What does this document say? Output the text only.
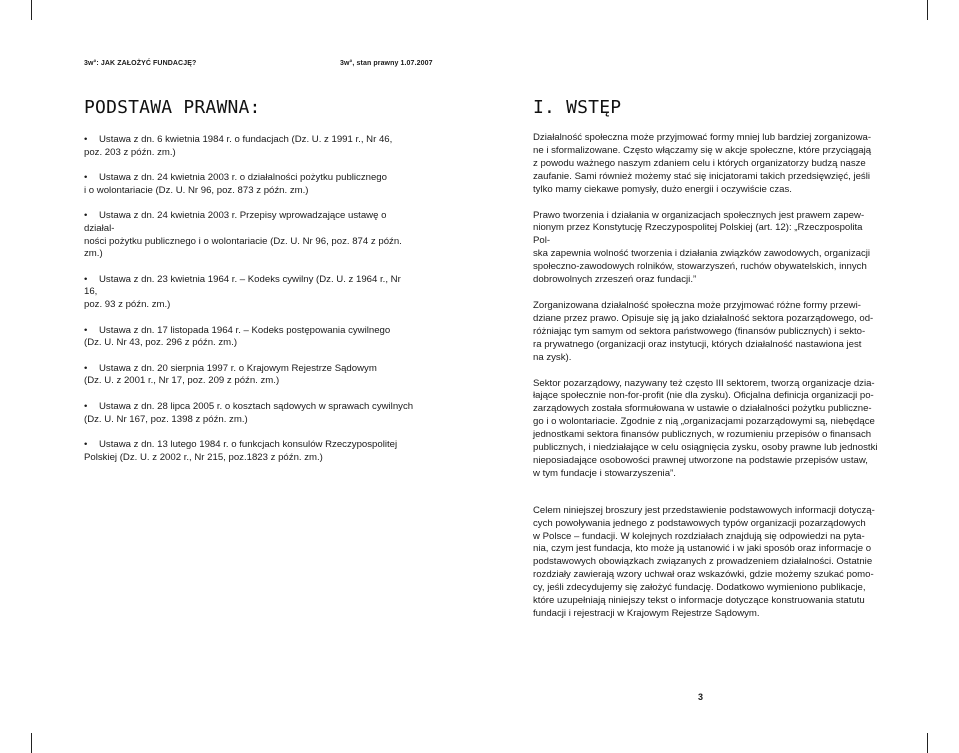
3w°: JAK ZAŁOŻYĆ FUNDACJĘ?	3w°, stan prawny 1.07.2007
PODSTAWA PRAWNA:
•	Ustawa z dn. 6 kwietnia 1984 r. o fundacjach (Dz. U. z 1991 r., Nr 46,
poz. 203 z późn. zm.)
•	Ustawa z dn. 24 kwietnia 2003 r. o działalności pożytku publicznego
i o wolontariacie (Dz. U. Nr 96, poz. 873 z późn. zm.)
•	Ustawa z dn. 24 kwietnia 2003 r. Przepisy wprowadzające ustawę o działal-
ności pożytku publicznego i o wolontariacie (Dz. U. Nr 96, poz. 874 z późn. zm.)
•	Ustawa z dn. 23 kwietnia 1964 r. – Kodeks cywilny (Dz. U. z 1964 r., Nr 16,
poz. 93 z późn. zm.)
•	Ustawa z dn. 17 listopada 1964 r. – Kodeks postępowania cywilnego
(Dz. U. Nr 43, poz. 296 z późn. zm.)
•	Ustawa z dn. 20 sierpnia 1997 r. o Krajowym Rejestrze Sądowym
(Dz. U. z 2001 r., Nr 17, poz. 209 z późn. zm.)
•	Ustawa z dn. 28 lipca 2005 r. o kosztach sądowych w sprawach cywilnych
(Dz. U. Nr 167, poz. 1398 z późn. zm.)
•	Ustawa z dn. 13 lutego 1984 r. o funkcjach konsulów Rzeczypospolitej
Polskiej (Dz. U. z 2002 r., Nr 215, poz.1823 z późn. zm.)
I. WSTĘP

Działalność społeczna może przyjmować formy mniej lub bardziej zorganizowa-
ne i sformalizowane. Często włączamy się w akcje społeczne, które przyciągają
z powodu ważnego naszym zdaniem celu i których organizatorzy budzą nasze
zaufanie. Sami również możemy stać się inicjatorami takich przedsięwzięć, jeśli
tylko mamy ciekawe pomysły, dużo energii i oczywiście czas.

Prawo tworzenia i działania w organizacjach społecznych jest prawem zapew-
nionym przez Konstytucję Rzeczypospolitej Polskiej (art. 12): „Rzeczpospolita Pol-
ska zapewnia wolność tworzenia i działania związków zawodowych, organizacji
społeczno-zawodowych rolników, stowarzyszeń, ruchów obywatelskich, innych
dobrowolnych zrzeszeń oraz fundacji.”

Zorganizowana działalność społeczna może przyjmować różne formy przewi-
dziane przez prawo. Opisuje się ją jako działalność sektora pozarządowego, od-
różniając tym samym od sektora państwowego (finansów publicznych) i sekto-
ra prywatnego (organizacji oraz instytucji, których działalność nastawiona jest
na zysk).

Sektor pozarządowy, nazywany też często III sektorem, tworzą organizacje dzia-
łające społecznie non-for-profit (nie dla zysku). Oficjalna definicja organizacji po-
zarządowych została sformułowana w ustawie o działalności pożytku publiczne-
go i o wolontariacie. Zgodnie z nią „organizacjami pozarządowymi są, niebędące
jednostkami sektora finansów publicznych, w rozumieniu przepisów o finansach
publicznych, i niedziałające w celu osiągnięcia zysku, osoby prawne lub jednostki
nieposiadające osobowości prawnej utworzone na podstawie przepisów ustaw,
w tym fundacje i stowarzyszenia”.

Celem niniejszej broszury jest przedstawienie podstawowych informacji dotyczą-
cych powoływania jednego z podstawowych typów organizacji pozarządowych
w Polsce – fundacji. W kolejnych rozdziałach znajdują się odpowiedzi na pyta-
nia, czym jest fundacja, kto może ją ustanowić i w jaki sposób oraz informacje o
podstawowych obowiązkach związanych z prowadzeniem działalności. Ostatnie
rozdziały zawierają wzory uchwał oraz wskazówki, gdzie możemy szukać pomo-
cy, jeśli zdecydujemy się założyć fundację. Dodatkowo wymieniono publikacje,
które uzupełniają niniejszy tekst o informacje dotyczące konstruowania statutu
fundacji i rejestracji w Krajowym Rejestrze Sądowym.

3
